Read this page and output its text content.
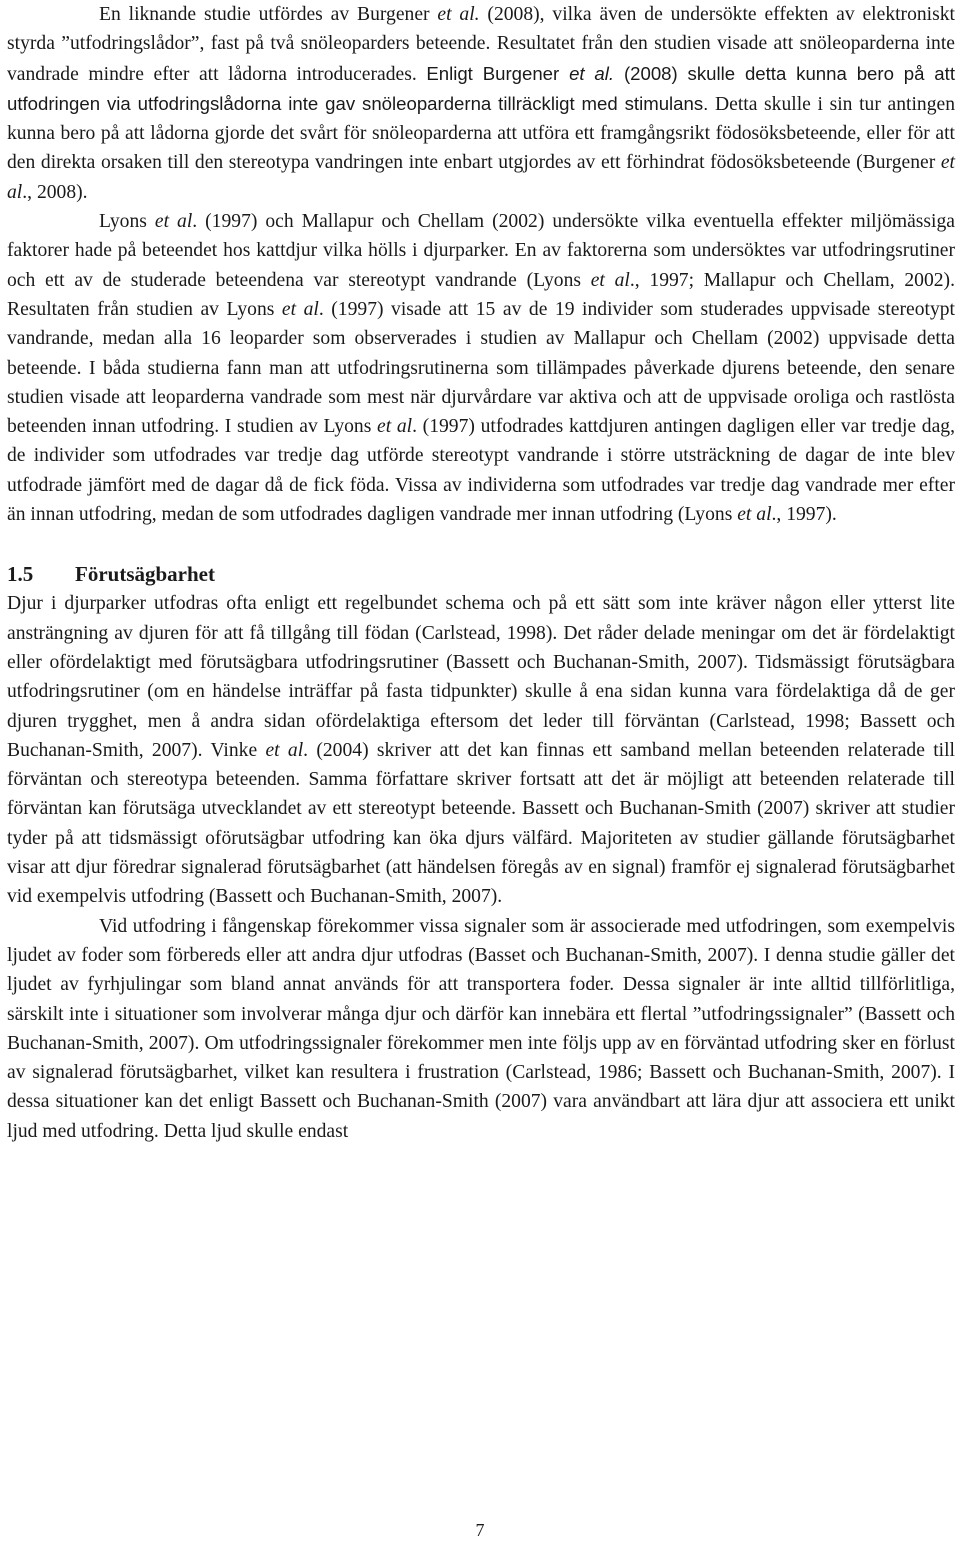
En liknande studie utfördes av Burgener et al. (2008), vilka även de undersökte effekten av elektroniskt styrda ”utfodringslådor”, fast på två snöleoparders beteende. Resultatet från den studien visade att snöleoparderna inte vandrade mindre efter att lådorna introducerades. Enligt Burgener et al. (2008) skulle detta kunna bero på att utfodringen via utfodringslådorna inte gav snöleoparderna tillräckligt med stimulans. Detta skulle i sin tur antingen kunna bero på att lådorna gjorde det svårt för snöleoparderna att utföra ett framgångsrikt födosöksbeteende, eller för att den direkta orsaken till den stereotypa vandringen inte enbart utgjordes av ett förhindrat födosöksbeteende (Burgener et al., 2008).

Lyons et al. (1997) och Mallapur och Chellam (2002) undersökte vilka eventuella effekter miljömässiga faktorer hade på beteendet hos kattdjur vilka hölls i djurparker. En av faktorerna som undersöktes var utfodringsrutiner och ett av de studerade beteendena var stereotypt vandrande (Lyons et al., 1997; Mallapur och Chellam, 2002). Resultaten från studien av Lyons et al. (1997) visade att 15 av de 19 individer som studerades uppvisade stereotypt vandrande, medan alla 16 leoparder som observerades i studien av Mallapur och Chellam (2002) uppvisade detta beteende. I båda studierna fann man att utfodringsrutinerna som tillämpades påverkade djurens beteende, den senare studien visade att leoparderna vandrade som mest när djurvårdare var aktiva och att de uppvisade oroliga och rastlösta beteenden innan utfodring. I studien av Lyons et al. (1997) utfodrades kattdjuren antingen dagligen eller var tredje dag, de individer som utfodrades var tredje dag utförde stereotypt vandrande i större utsträckning de dagar de inte blev utfodrade jämfört med de dagar då de fick föda. Vissa av individerna som utfodrades var tredje dag vandrade mer efter än innan utfodring, medan de som utfodrades dagligen vandrade mer innan utfodring (Lyons et al., 1997).

1.5 Förutsägbarhet

Djur i djurparker utfodras ofta enligt ett regelbundet schema och på ett sätt som inte kräver någon eller ytterst lite ansträngning av djuren för att få tillgång till födan (Carlstead, 1998). Det råder delade meningar om det är fördelaktigt eller ofördelaktigt med förutsägbara utfodringsrutiner (Bassett och Buchanan-Smith, 2007). Tidsmässigt förutsägbara utfodringsrutiner (om en händelse inträffar på fasta tidpunkter) skulle å ena sidan kunna vara fördelaktiga då de ger djuren trygghet, men å andra sidan ofördelaktiga eftersom det leder till förväntan (Carlstead, 1998; Bassett och Buchanan-Smith, 2007). Vinke et al. (2004) skriver att det kan finnas ett samband mellan beteenden relaterade till förväntan och stereotypa beteenden. Samma författare skriver fortsatt att det är möjligt att beteenden relaterade till förväntan kan förutsäga utvecklandet av ett stereotypt beteende. Bassett och Buchanan-Smith (2007) skriver att studier tyder på att tidsmässigt oförutsägbar utfodring kan öka djurs välfärd. Majoriteten av studier gällande förutsägbarhet visar att djur föredrar signalerad förutsägbarhet (att händelsen föregås av en signal) framför ej signalerad förutsägbarhet vid exempelvis utfodring (Bassett och Buchanan-Smith, 2007).

Vid utfodring i fångenskap förekommer vissa signaler som är associerade med utfodringen, som exempelvis ljudet av foder som förbereds eller att andra djur utfodras (Basset och Buchanan-Smith, 2007). I denna studie gäller det ljudet av fyrhjulingar som bland annat används för att transportera foder. Dessa signaler är inte alltid tillförlitliga, särskilt inte i situationer som involverar många djur och därför kan innebära ett flertal ”utfodringssignaler” (Bassett och Buchanan-Smith, 2007). Om utfodringssignaler förekommer men inte följs upp av en förväntad utfodring sker en förlust av signalerad förutsägbarhet, vilket kan resultera i frustration (Carlstead, 1986; Bassett och Buchanan-Smith, 2007). I dessa situationer kan det enligt Bassett och Buchanan-Smith (2007) vara användbart att lära djur att associera ett unikt ljud med utfodring. Detta ljud skulle endast

7
